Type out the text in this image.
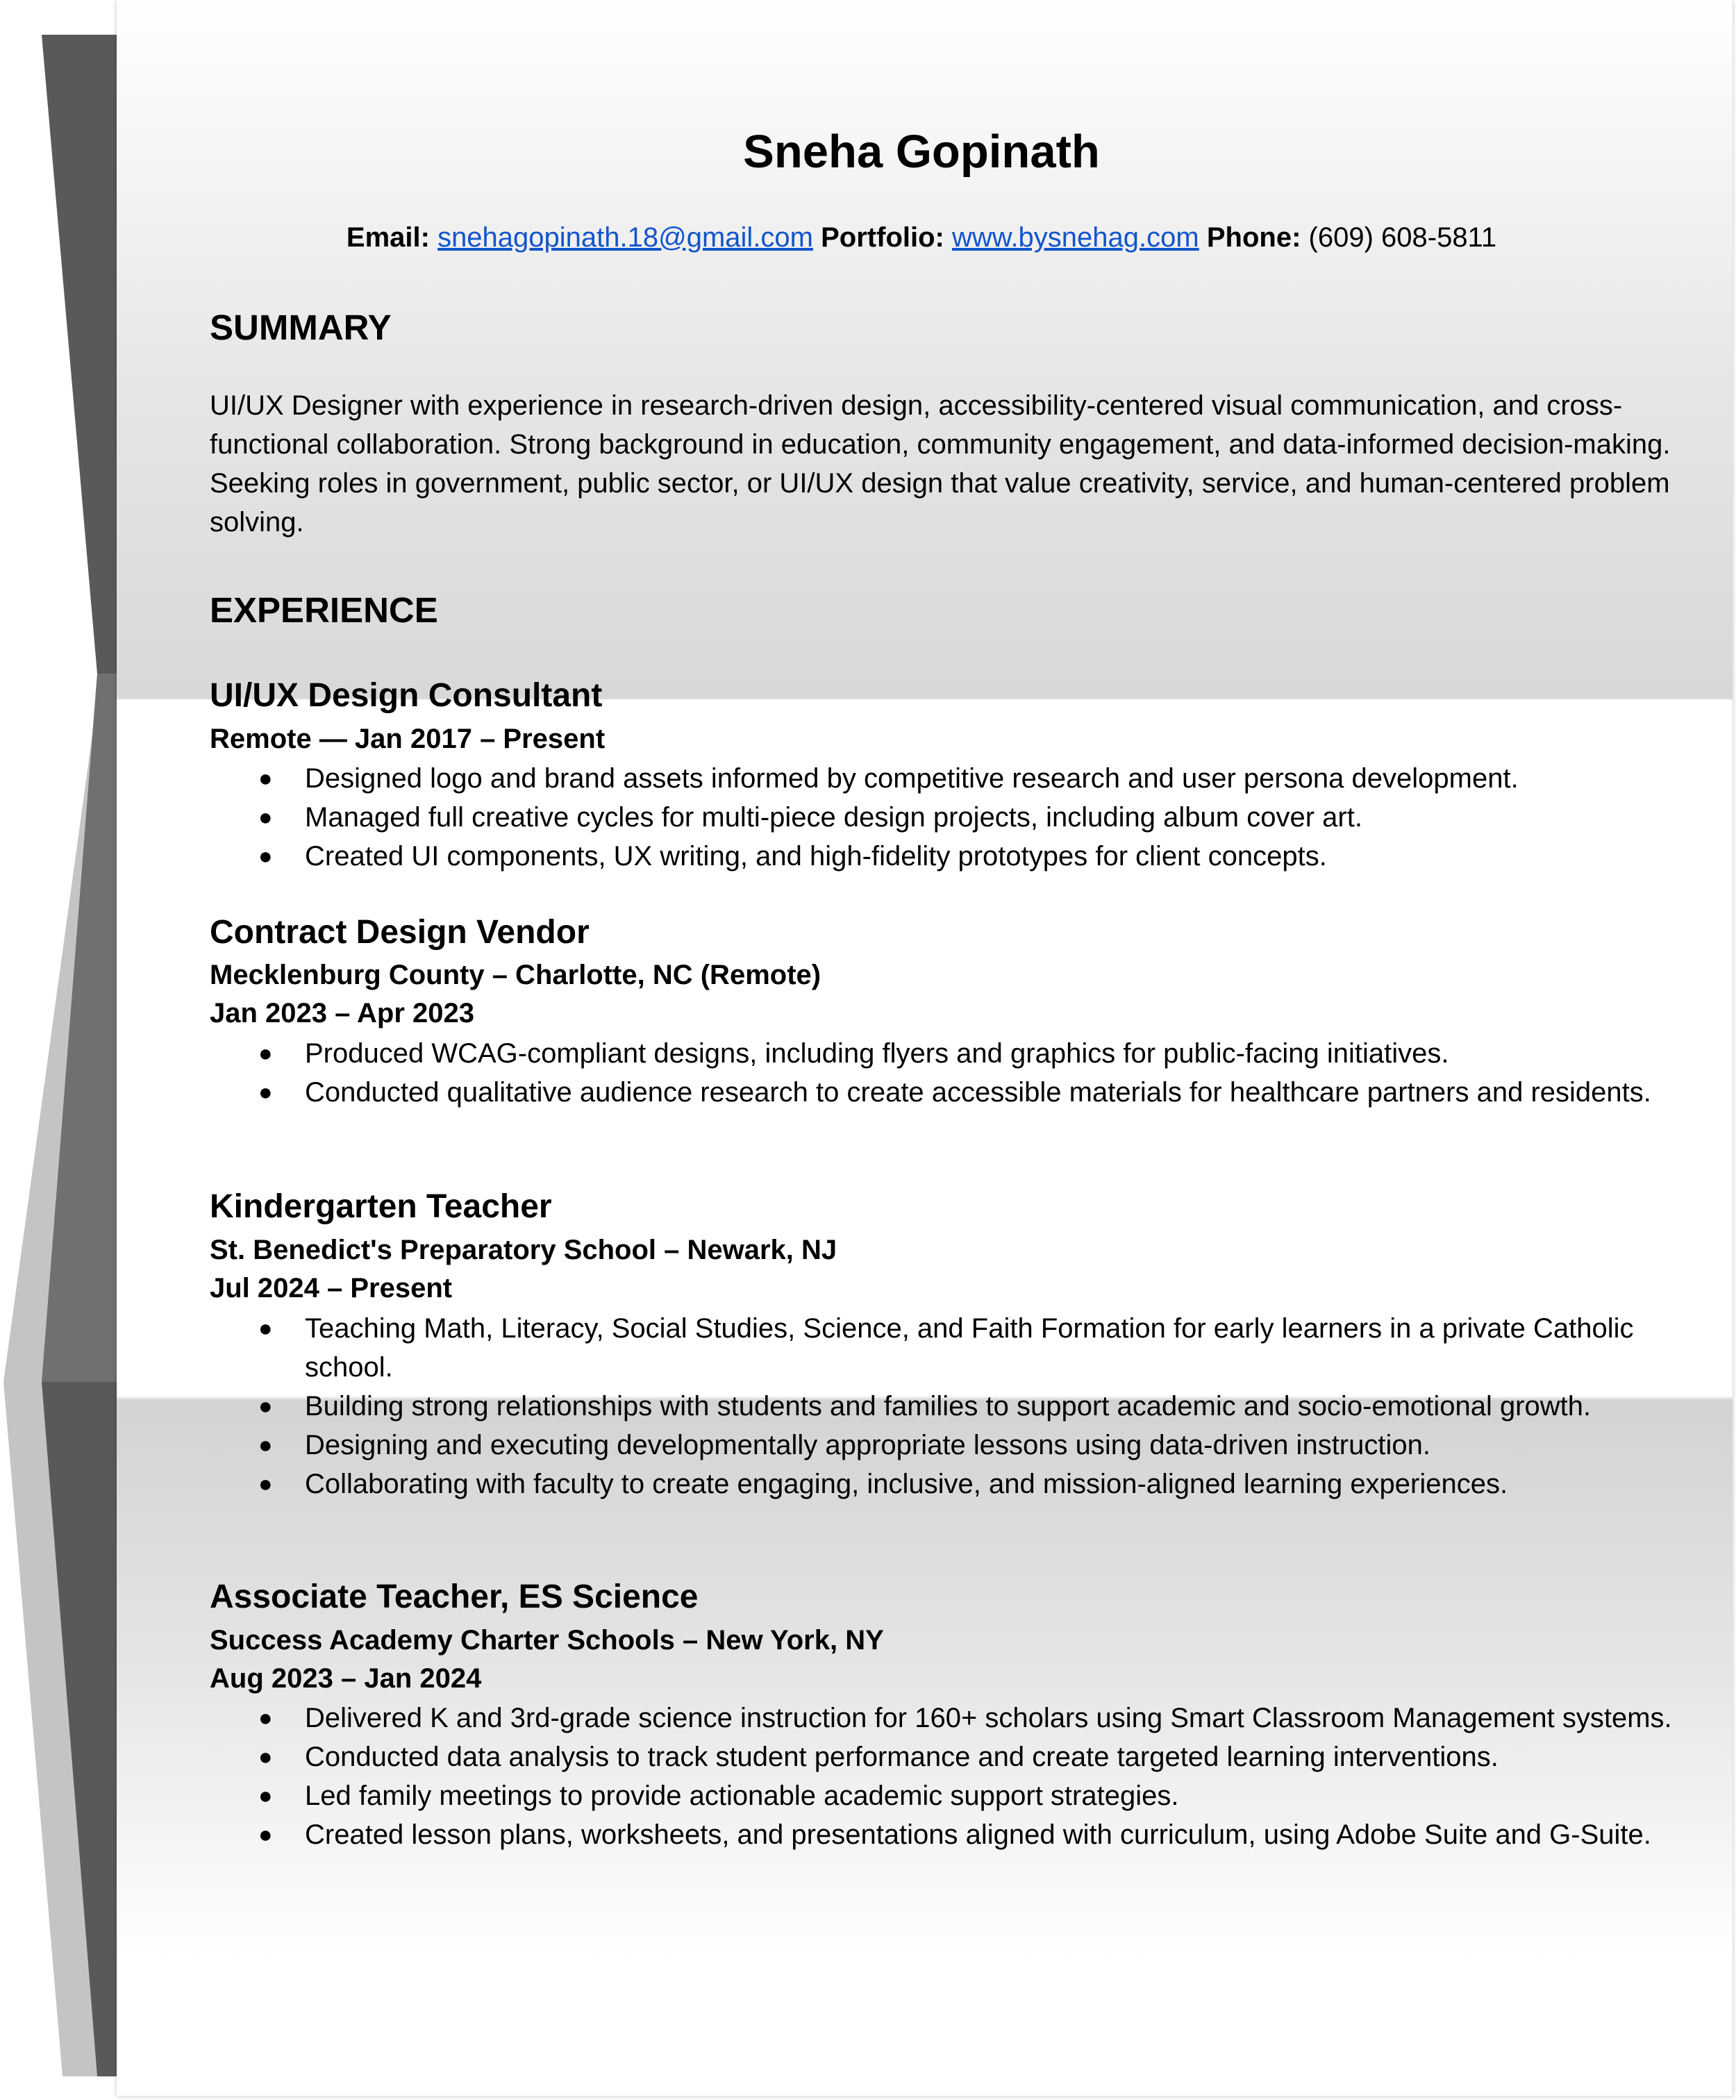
Sneha Gopinath
Email: snehagopinath.18@gmail.com Portfolio: www.bysnehag.com Phone: (609) 608-5811
SUMMARY
UI/UX Designer with experience in research-driven design, accessibility-centered visual communication, and cross-functional collaboration. Strong background in education, community engagement, and data-informed decision-making. Seeking roles in government, public sector, or UI/UX design that value creativity, service, and human-centered problem solving.
EXPERIENCE
UI/UX Design Consultant
Remote — Jan 2017 – Present
● Designed logo and brand assets informed by competitive research and user persona development.
● Managed full creative cycles for multi-piece design projects, including album cover art.
● Created UI components, UX writing, and high-fidelity prototypes for client concepts.
Contract Design Vendor
Mecklenburg County – Charlotte, NC (Remote)
Jan 2023 – Apr 2023
● Produced WCAG-compliant designs, including flyers and graphics for public-facing initiatives.
● Conducted qualitative audience research to create accessible materials for healthcare partners and residents.
Kindergarten Teacher
St. Benedict's Preparatory School – Newark, NJ
Jul 2024 – Present
● Teaching Math, Literacy, Social Studies, Science, and Faith Formation for early learners in a private Catholic school.
● Building strong relationships with students and families to support academic and socio-emotional growth.
● Designing and executing developmentally appropriate lessons using data-driven instruction.
● Collaborating with faculty to create engaging, inclusive, and mission-aligned learning experiences.
Associate Teacher, ES Science
Success Academy Charter Schools – New York, NY
Aug 2023 – Jan 2024
● Delivered K and 3rd-grade science instruction for 160+ scholars using Smart Classroom Management systems.
● Conducted data analysis to track student performance and create targeted learning interventions.
● Led family meetings to provide actionable academic support strategies.
● Created lesson plans, worksheets, and presentations aligned with curriculum, using Adobe Suite and G-Suite.
